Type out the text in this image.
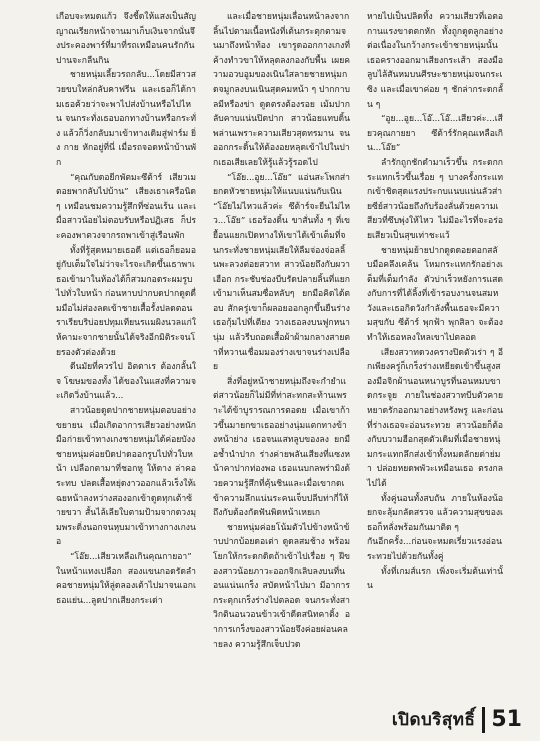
เกือบจะหมดแก้ว จึงชี้ดให้แสงเป็นสัญญาณเรียกหน้าจานมาเก็บเงินจากนั่นจึงประคองพาร์ที่มาที่รถเหมือนคนรักกันปานจะกลืนกิน

ชายหนุ่มเลี้ยวรถกลับ...โดยมีสาวสวยขบใหล่กลับฅาฟรีน และเธอก็ได้กามเธอฅ้วยว่าจะพาไปส่งบ้านหรือไปไหน จนกระทั่งเธอบอกทางบ้านหรือกระทั่ง แล้วก็วิ่งกลับมาเข้าทางเดิมสู่ฟาร์ม ยิ่ง กาย หักอยู่ที่นี่ เมื่อรถจอดหน้าบ้านพัก

“คุณกับดอยีกพัตมะซึต้าร์ เสียวเมตอยพากลับไปบ้าน” เสียงเธาเครือนิด ๆ เหมือนชมความรู้สึกที่ซ่อนเร้น และเมื่อสาวน้อยไม่ตอบรับหรือปฏิเสธ ก็ประคองพาตวงจากรถพาเข้าสู่เรือนพัก

ทั้งที่รู้สุดหมายเธอดี แต่เธอก็ยอมอยู่กับเต็มใจไม่ว่าจะไรจะเกิดขึ้นเธาพาเธอเข้ามาในห้องได้ก็สวมกอดระผมรูบไปทั่วใบหน้า ก่อนหาบปากบดปากดูดดื่มมือไม่ส่องลดเข้าชายเสื้อรั้งปลดตอนราเรียบริบ่อยปทุมเทียนรแมผิงนวลแก่ให้คามะจากชายนั้นได้จริงอีกมิติระจนโยรองตัวต่องด้วย

ดีนมัยที่ควรไป อิตตาเร ต้องกลั้นใจ โฆษมของทั้ง ได้ของในแสงที่ความจะเกิดวิ่งบ้านแล้ว...

สาวน้อยดูดปากชายหนุ่มตอบอย่างขยายน เมื่อเกิดอาการเสียวอย่างหนัก มือก่ายเข้าทางเกงชายหนุ่มได้ค่อยบังง ชายหนุ่มค่อยบิดปาดออกรูบไปทั่วใบหน้า เปลือกตามาที่ชอกหู ให้ดาง ล่าคอระทบ ปลดเสื้อหยุ่ดงาวออกแล้วเร็งให้เฉยหน้าลงหว่างสองอกเข้าดูดทุกเต้าซ้ายขวา สั้นไล้เลียใบตามป้ามจากดวงมุมพระดิ่งนอกจนหุบมาเข้าทางกางเกงนอ

“โอ๊ย...เสียวเหลือเกินคุณกายอา” ในหน้าแทงเปลือก สองแขนกอดรัดลำคอชายหนุ่มให้ลู่ดลองเต้าไปมาจนเอกเธอแย่น...ลูดปากเสียงกระเด่า

และเมื่อชายหนุ่มเลื่อนหน้าลงจากลิ้นไปตามเนื้อหนังที่เต้นกระตุกตามจนมาถึงหน้าท้อง เขารูดออกกางเกงที่ค้างทำวขาให้หลุดลงกองกับพื้น เผยความอวบอูมของเนินใสลายชายหนุ่มกดจมูกลงบนเนินสุดคมหน้า ๆ ปากกาบลมีหรืองข่า ดูดตรงต้องรอย เม้มปากลับคาบแน่นปิดปาก สาวน้อยแทบดิ้นพล่านเพราะความเสียวสุดทรมาน จนออกกระดิ้นให้ต้องอยหลุดเข้าไปในปากเธอเสียเลยให้รู้แล้วรู้รอดไป

“โอ๊ย...อูย...โอ๊ย” แอ่นสะโพกส่ายกดหัวชายหนุ่มให้แนบแน่นกับเนิน “โอ๊ยไม่ไหวแล้วค่ะ ซึต้าร์จะยืนไม่ไหว...โอ๊ย” เธอร้องดิ้น ขาสั่นทั้ง ๆ ที่เขยื้อนแยกเปิดทางให้เขาได้เข้าเต็มที่จนกระทั่งชายหนุ่มเสียให้ลืมจ่องจ่อลลิ้นพะลวงต่อยสวาท สาวน้อยถึงกับผวาเฮือก กระชับช่องบีบรัดปลายลิ้นที่แยกเข้ามาเห็นสมซื่อหลับๆ ยกมือคิดได้ตอบ สักครู่เขาก็ผลอยออกลูกขึ้นยืนร่างเธอกุ้มไปที่เตียง วางเธอลงบนฟูกหนานุ่ม แล้วรีบถอดเสื้อผ้าผ้ามกลางสายตาที่หวานเชื่อมมองร่างเขาจนร่างเปลือย

สิ่งที่อยู่หน้าชายหนุ่มถึงจะกำยำแต่สาวน้อยก็ไม่มีที่ท่าสะทกสะท้านเพราะได้ข้าบูรารณการตอดย เมื่อเขาก้าวขึ้นมายกขาเธออย่างนุ่มแตกทางข้างหน้าย่าง เธอจนแสทลูบของลง ยกมือช้ำนำปาก ร่างค่ายพลันเสียงที่แซงหน้าคาปากท่องพอ เธอแนบกลพร่ามิงด้วยความรู้สึกที่คุ้นชินและเมื่อเขากดเข้าความลึกแน่นระคนเจ็บปลีบท่ากี่ให้ถึงกับต้องกัดฟันพิดหน้าเหยเก

ชายหนุ่มค่อยโน้มตัวไปข้างหน้าข้าบปากบ้อยดอเต่า ดูดลสมช้าง พร้อมโยกให้กระดกดิดถ้าเข้าไปเรื่อย ๆ ฝีของสาวน้อยภาวะออกจิกเลิบลงบนที่นอนแน่นเกร็ง สบัดหน้าไปมา มีอาการกระตุกเกร็งร่างไปตลอด จนกระทั่งสาวิกตินอนวอนข้าวเข้าดีดสนิทคาติ้ง อาการเกร็งของสาวน้อยจึงค่อยผ่อนคลายลง ความรู้สึกเจ็บปวด

หายไปเป็นปลิดทิ้ง ความเสียวที่เอตอกานแรงขาดตกหัก ทั้งถูกดูดลูกอย่างต่อเนื่องในกว้างกระเข้าชายหนุ่มนั้น เธอครางออกมาเสียงกระเส้า สองมือลูบไล้สันหมบนศีรษะชายหนุ่มจนกระเซิง และเมื่อเขาค่อย ๆ ชักล่ากระดกลั้น ๆ

“อูย...อูย...โอ๊...โอ๊...เสียวค่ะ...เสียวคุณกายยา ซึต้าร์รักคุณเหลือเกิน...โอ๊ย”

ลำรักถูกชักดำมาเร็วขึ้น กระดกกระแทกเร็วขึ้นเรื่อย ๆ บางครั้งกระแทกเข้าชิดสุดแรงประกบแนบแน่นลัวส่ายซีย์สาวน้อยถึงกับร้องลั่นด้วยความเสียวที่ซึบพุ่งให้ไหว ไม่มีอะไรที่จะอร่อยเสียวเป็นสุขเท่าชะแว้

ชายหนุ่มย้ายปากดูดดอยตอกสลับมือคลึงเคล้น โหมกระแทกรักอย่างเต็มที่เต็มกำลัง ตัวบ่าเร็วหยังการแสดงกับการที่ได้ลิ้งที่เข้ารอบงานจนสมหวังและเธอกิดวังกำลังพื้นเธอจะมีความสุขกับ ซีต้าร์ พุกฟ้า พุกสิลา จะต้องทำให้เธอหลงใหลเขาไปตลอด

เสียงสวาทดวงครางปิดตัวเร่า ๆ อีกเพียงครู่ก็เกร็งร่างเหยียดเข้าขึ้นสูงสองมือจิกผ้านอนหนาบูรที่นอนหมบขาดกระจูย ภายในช่องสวาทบีบตัวคายหยาดรักออกมาอย่างหรังพรู และก่อนที่ร่างเธอจะอ่อนระทวย สาวน้อยก็ต้องกับบวามฮือกสุดตัวเดิมที่เมื่อชายหนุ่มกระแทกลึกส่งเข้าทั้งหมดลักยด่าย่มา ปล่อยหยดพพัวะเหมือนเธอ ตรงกลไปได้

ทั้งคู่นอนทั้งสบถัน ภายในห้องน้อยกจะลุ้มกลัดสรวจ แล้วความสุขของเธอก็หลั่งพร้อมกันมาติด ๆ

กันอีกครั้ง...ก่อนจะหมดเรี่ยวแรงอ่อนระทวยไปด้วยกันทั้งคู่

ทั้งที่เกมส์แรก เพิ่งจะเริ่มต้นเท่านั้น

เปิดบริสุทธิ์ 51
